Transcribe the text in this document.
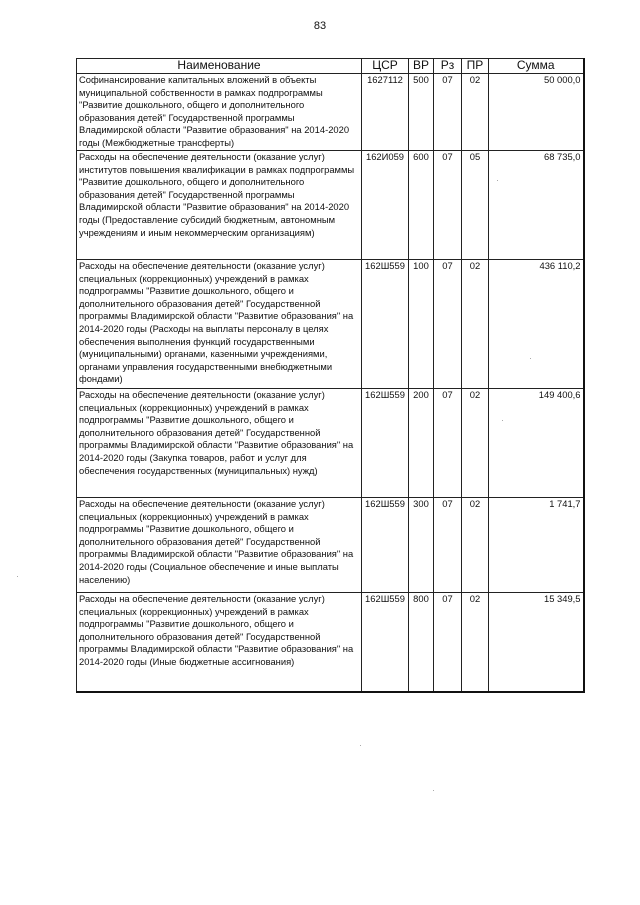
83
Наименование	ЦСР	ВР	Рз	ПР	Сумма
Софинансирование капитальных вложений в объекты муниципальной собственности в рамках подпрограммы "Развитие дошкольного, общего и дополнительного образования детей" Государственной программы Владимирской области "Развитие образования" на 2014-2020 годы (Межбюджетные трансферты)	1627112	500	07	02	50 000,0
Расходы на обеспечение деятельности (оказание услуг) институтов повышения квалификации в рамках подпрограммы "Развитие дошкольного, общего и дополнительного образования детей" Государственной программы Владимирской области "Развитие образования" на 2014-2020 годы (Предоставление субсидий бюджетным, автономным учреждениям и иным некоммерческим организациям)	162И059	600	07	05	68 735,0
Расходы на обеспечение деятельности (оказание услуг) специальных (коррекционных) учреждений в рамках подпрограммы "Развитие дошкольного, общего и дополнительного образования детей" Государственной программы Владимирской области "Развитие образования" на 2014-2020 годы (Расходы на выплаты персоналу в целях обеспечения выполнения функций государственными (муниципальными) органами, казенными учреждениями, органами управления государственными внебюджетными фондами)	162Ш559	100	07	02	436 110,2
Расходы на обеспечение деятельности (оказание услуг) специальных (коррекционных) учреждений в рамках подпрограммы "Развитие дошкольного, общего и дополнительного образования детей" Государственной программы Владимирской области "Развитие образования" на 2014-2020 годы (Закупка товаров, работ и услуг для обеспечения государственных (муниципальных) нужд)	162Ш559	200	07	02	149 400,6
Расходы на обеспечение деятельности (оказание услуг) специальных (коррекционных) учреждений в рамках подпрограммы "Развитие дошкольного, общего и дополнительного образования детей" Государственной программы Владимирской области "Развитие образования" на 2014-2020 годы (Социальное обеспечение и иные выплаты населению)	162Ш559	300	07	02	1 741,7
Расходы на обеспечение деятельности (оказание услуг) специальных (коррекционных) учреждений в рамках подпрограммы "Развитие дошкольного, общего и дополнительного образования детей" Государственной программы Владимирской области "Развитие образования" на 2014-2020 годы (Иные бюджетные ассигнования)	162Ш559	800	07	02	15 349,5
